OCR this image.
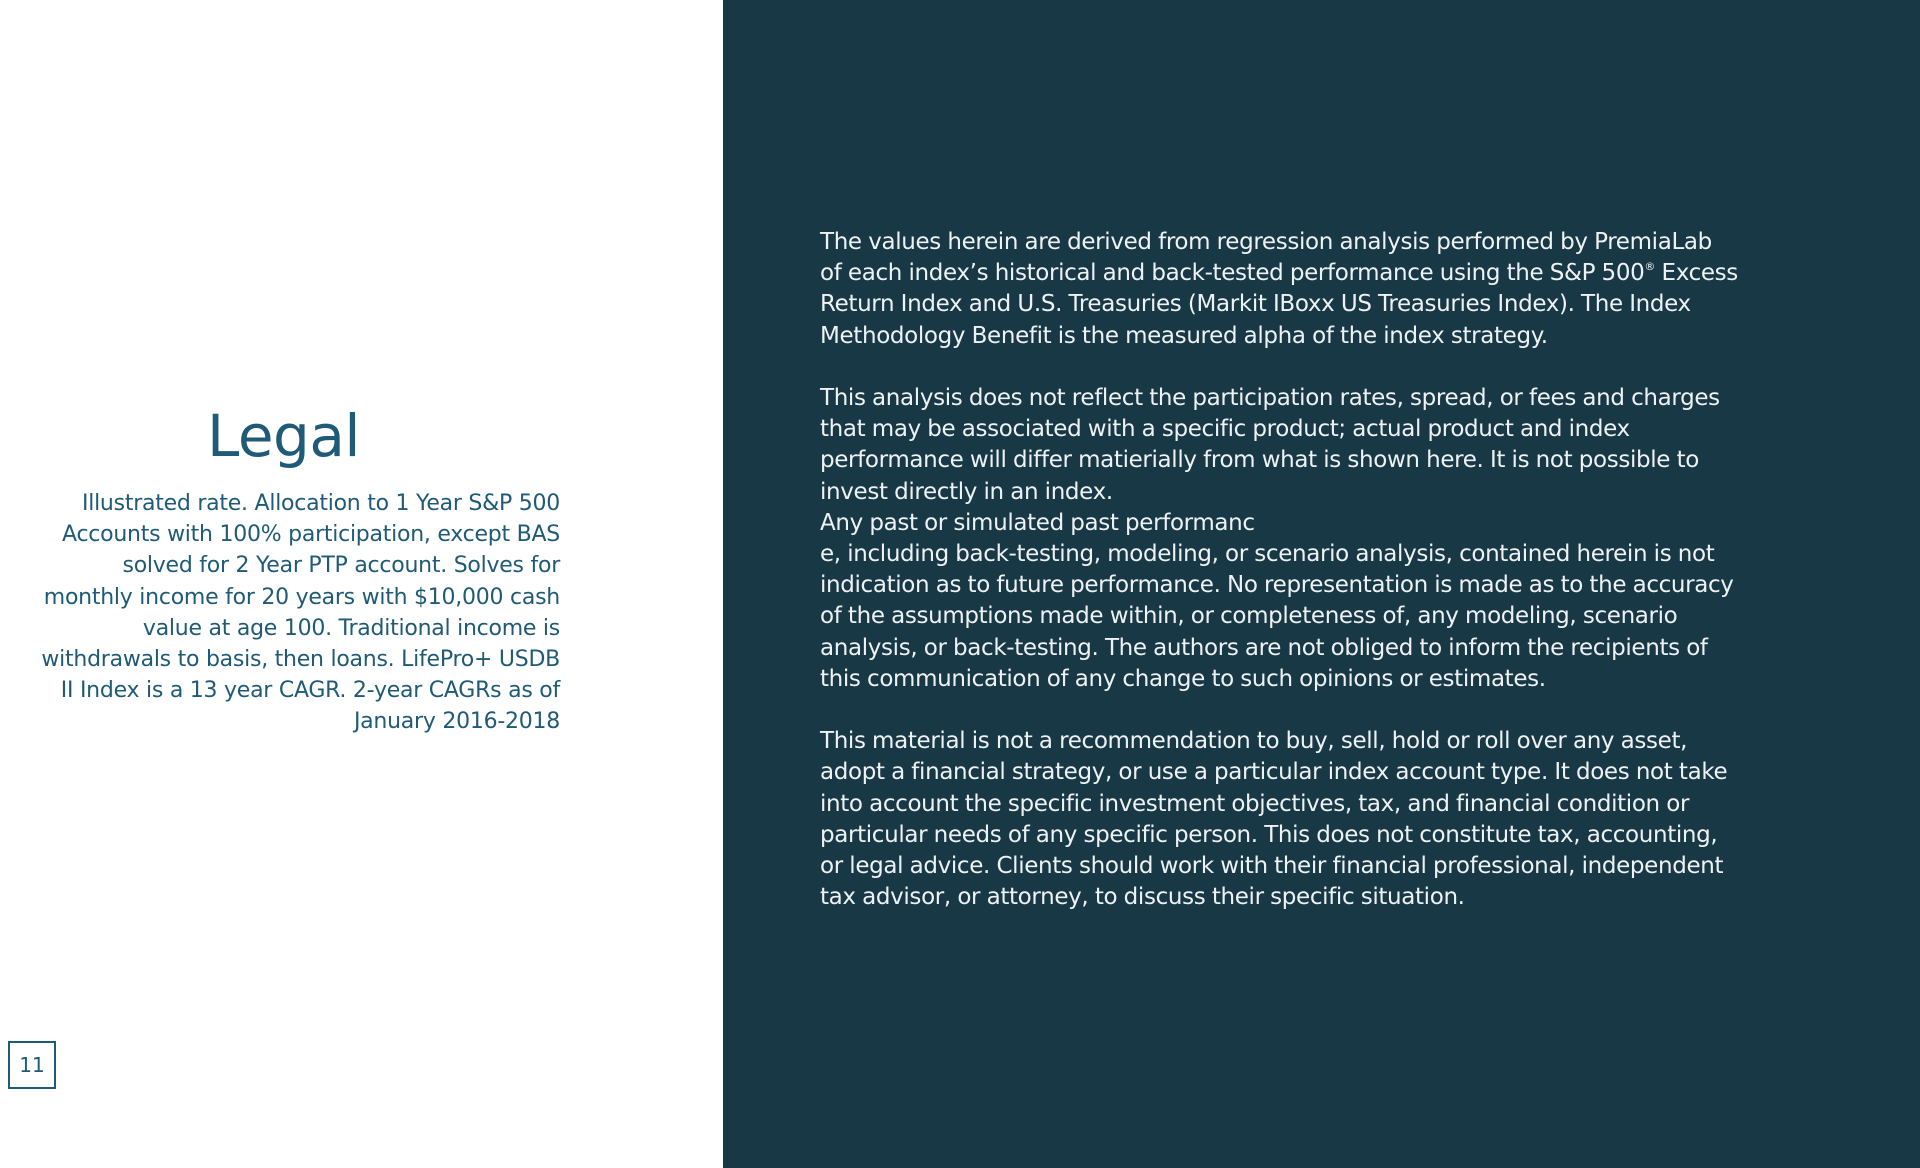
Legal

Illustrated rate. Allocation to 1 Year S&P 500 Accounts with 100% participation, except BAS solved for 2 Year PTP account. Solves for monthly income for 20 years with $10,000 cash value at age 100. Traditional income is withdrawals to basis, then loans. LifePro+ USDB II Index is a 13 year CAGR. 2-year CAGRs as of January 2016-2018

11

The values herein are derived from regression analysis performed by PremiaLab
of each index’s historical and back-tested performance using the S&P 500® Excess
Return Index and U.S. Treasuries (Markit IBoxx US Treasuries Index). The Index
Methodology Benefit is the measured alpha of the index strategy.

This analysis does not reflect the participation rates, spread, or fees and charges
that may be associated with a specific product; actual product and index
performance will differ matierially from what is shown here. It is not possible to
invest directly in an index.
Any past or simulated past performanc
e, including back-testing, modeling, or scenario analysis, contained herein is not
indication as to future performance. No representation is made as to the accuracy
of the assumptions made within, or completeness of, any modeling, scenario
analysis, or back-testing. The authors are not obliged to inform the recipients of
this communication of any change to such opinions or estimates.

This material is not a recommendation to buy, sell, hold or roll over any asset,
adopt a financial strategy, or use a particular index account type. It does not take
into account the specific investment objectives, tax, and financial condition or
particular needs of any specific person. This does not constitute tax, accounting,
or legal advice. Clients should work with their financial professional, independent
tax advisor, or attorney, to discuss their specific situation.
